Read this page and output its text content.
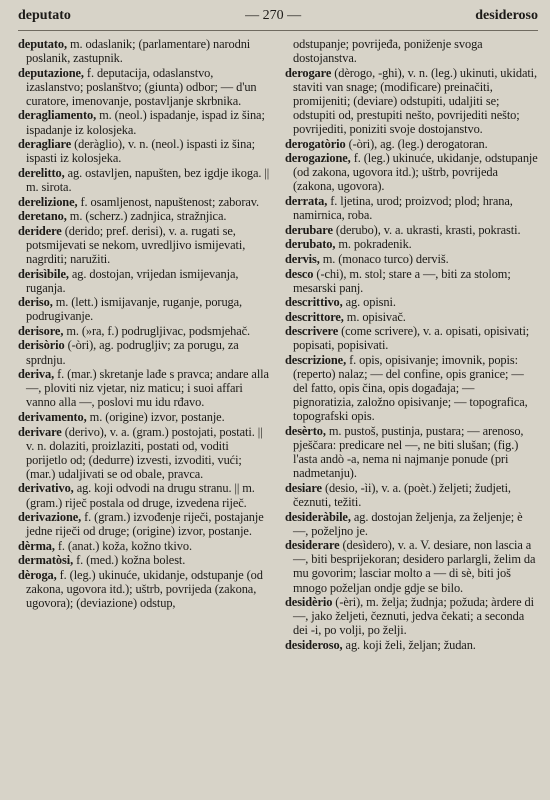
deputato	— 270 —	desideroso

deputato, m. odaslanik; (parlamentare) narodni poslanik, zastupnik.

deputazione, f. deputacija, odaslanstvo, izaslanstvo; poslanštvo; (giunta) odbor; — d'un curatore, imenovanje, postavljanje skrbnika.

deragliamento, m. (neol.) ispadanje, ispad iz šina; ispadanje iz kolosjeka.

deragliare (deràglio), v. n. (neol.) ispasti iz šina; ispasti iz kolosjeka.

derelitto, ag. ostavljen, napušten, bez igdje ikoga. || m. sirota.

derelizione, f. osamljenost, napuštenost; zaborav.

deretano, m. (scherz.) zadnjica, stražnjica.

deridere (derido; pref. derisi), v. a. rugati se, potsmijevati se nekom, uvredljivo ismijevati, nagrditi; naružiti.

derisìbile, ag. dostojan, vrijedan ismijevanja, ruganja.

deriso, m. (lett.) ismijavanje, ruganje, poruga, podrugivanje.

derisore, m. (»ra, f.) podrugljivac, podsmjehač.

derisòrio (-òri), ag. podrugljiv; za porugu, za sprdnju.

deriva, f. (mar.) skretanje lađe s pravca; andare alla —, ploviti niz vjetar, niz maticu; i suoi affari vanno alla —, poslovi mu idu rđavo.

derivamento, m. (origine) izvor, postanje.

derivare (derivo), v. a. (gram.) postojati, postati. || v. n. dolaziti, proizlaziti, postati od, voditi porijetlo od; (dedurre) izvesti, izvoditi, vući; (mar.) udaljivati se od obale, pravca.

derivativo, ag. koji odvodi na drugu stranu. || m. (gram.) riječ postala od druge, izvedena riječ.

derivazione, f. (gram.) izvođenje riječi, postajanje jedne riječi od druge; (origine) izvor, postanje.

dèrma, f. (anat.) koža, kožno tkivo.

dermatòsi, f. (med.) kožna bolest.

dèroga, f. (leg.) ukinuće, ukidanje, odstupanje (od zakona, ugovora itd.); uštrb, povrijeda (zakona, ugovora); (deviazione) odstup,

odstupanje; povrijeđa, poniženje svoga dostojanstva.

derogare (dèrogo, -ghi), v. n. (leg.) ukinuti, ukidati, staviti van snage; (modificare) preinačiti, promijeniti; (deviare) odstupiti, udaljiti se; odstupiti od, prestupiti nešto, povrijediti nešto; povrijediti, poniziti svoje dostojanstvo.

derogatòrio (-òri), ag. (leg.) derogatoran.

derogazione, f. (leg.) ukinuće, ukidanje, odstupanje (od zakona, ugovora itd.); uštrb, povrijeda (zakona, ugovora).

derrata, f. ljetina, urod; proizvod; plod; hrana, namirnica, roba.

derubare (derubo), v. a. ukrasti, krasti, pokrasti.

derubato, m. pokradenik.

dervis, m. (monaco turco) derviš.

desco (-chi), m. stol; stare a —, biti za stolom; mesarski panj.

descrittivo, ag. opisni.

descrittore, m. opisivač.

descrivere (come scrivere), v. a. opisati, opisivati; popisati, popisivati.

descrizione, f. opis, opisivanje; imovnik, popis: (reperto) nalaz; — del confine, opis granice; — del fatto, opis čina, opis događaja; — pignoratizia, založno opisivanje; — topografica, topografski opis.

desèrto, m. pustoš, pustinja, pustara; — arenoso, pješčara: predicare nel —, ne biti slušan; (fig.) l'asta andò -a, nema ni najmanje ponude (pri nadmetanju).

desiare (desio, -ìi), v. a. (poèt.) željeti; žudjeti, čeznuti, težiti.

desideràbile, ag. dostojan željenja, za željenje; è —, poželjno je.

desiderare (desìdero), v. a. V. desiare, non lascia a —, biti besprijekoran; desidero parlargli, želim da mu govorim; lasciar molto a — di sè, biti još mnogo poželjan ondje gdje se bilo.

desidèrio (-èri), m. želja; žudnja; požuda; àrdere di —, jako željeti, čeznuti, jedva čekati; a seconda dei -i, po volji, po želji.

desideroso, ag. koji želi, željan; žudan.
